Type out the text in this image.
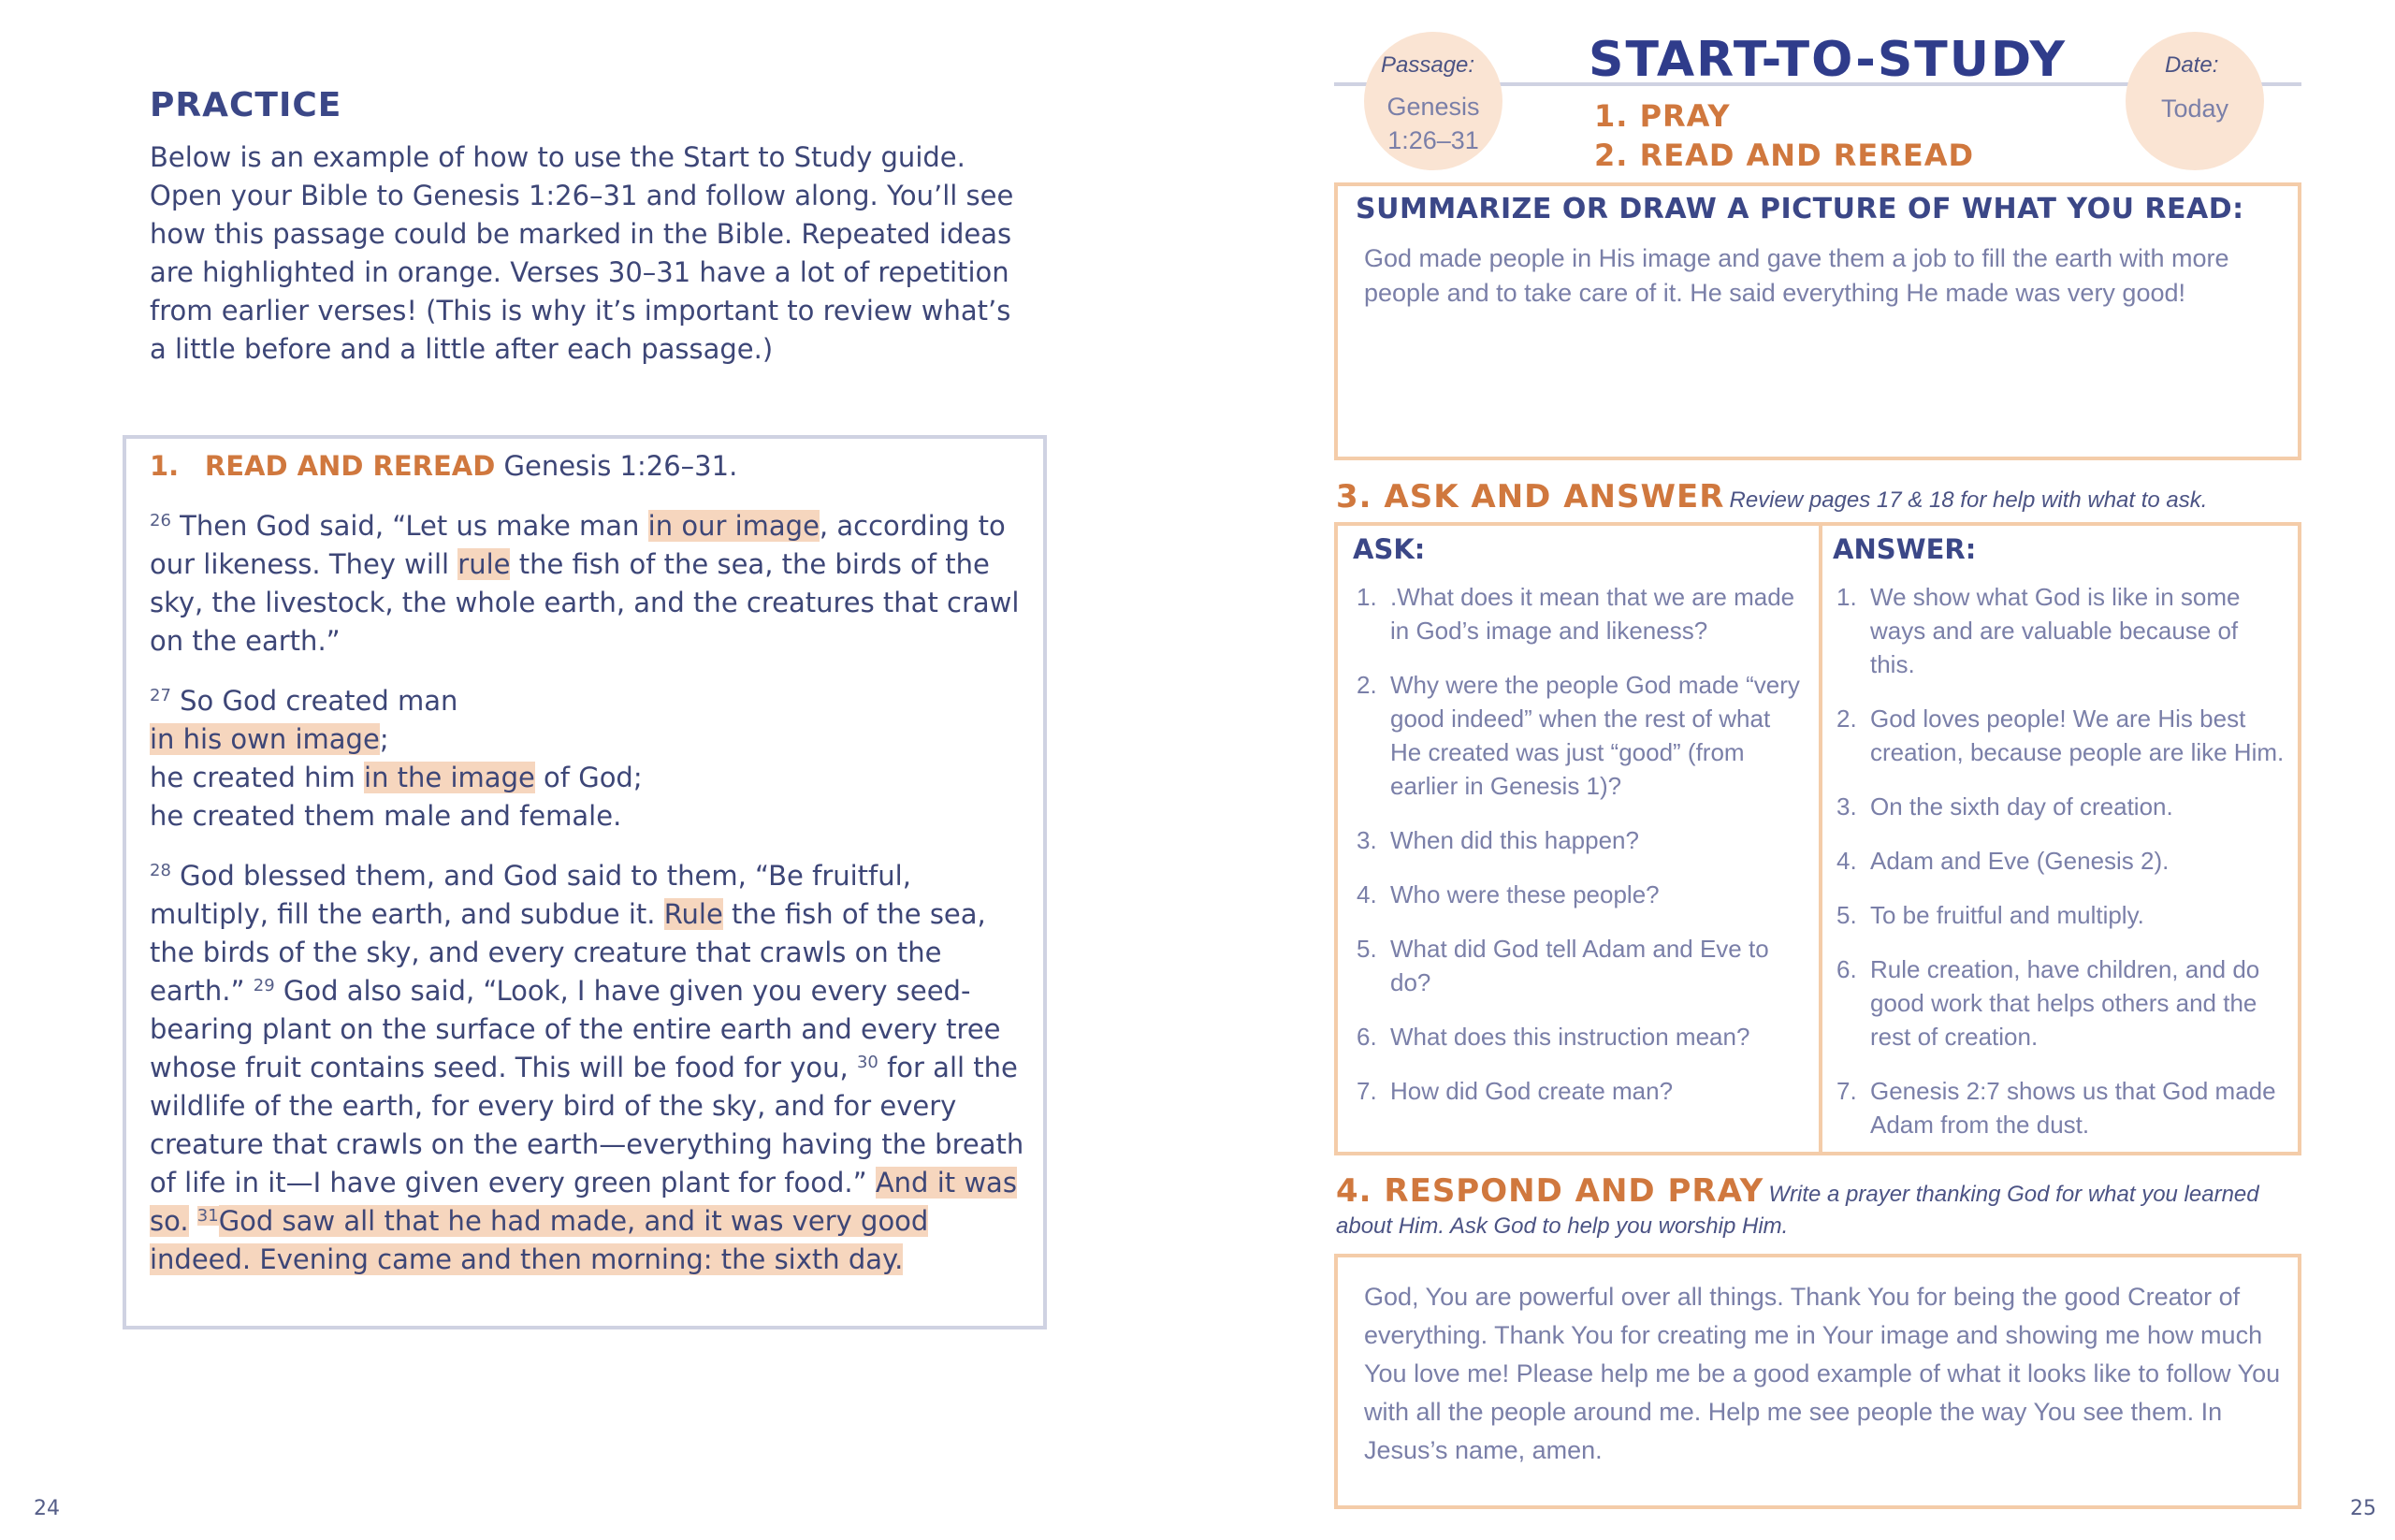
PRACTICE
Below is an example of how to use the Start to Study guide. Open your Bible to Genesis 1:26–31 and follow along. You’ll see how this passage could be marked in the Bible. Repeated ideas are highlighted in orange. Verses 30–31 have a lot of repetition from earlier verses! (This is why it’s important to review what’s a little before and a little after each passage.)

1. READ AND REREAD Genesis 1:26–31.

$^{26}$ Then God said, “Let us make man in our image, according to our likeness. They will rule the fish of the sea, the birds of the sky, the livestock, the whole earth, and the creatures that crawl on the earth.”

$^{27}$ So God created man
in his own image;
he created him in the image of God;
he created them male and female.

$^{28}$ God blessed them, and God said to them, “Be fruitful, multiply, fill the earth, and subdue it. Rule the fish of the sea, the birds of the sky, and every creature that crawls on the earth.” $^{29}$ God also said, “Look, I have given you every seed-bearing plant on the surface of the entire earth and every tree whose fruit contains seed. This will be food for you, $^{30}$ for all the wildlife of the earth, for every bird of the sky, and for every creature that crawls on the earth—everything having the breath of life in it—I have given every green plant for food.” And it was so. $^{31}$God saw all that he had made, and it was very good indeed. Evening came and then morning: the sixth day.

24
Passage:
Genesis
1:26–31
START-TO-STUDY
1. PRAY
2. READ AND REREAD
Date:
Today
SUMMARIZE OR DRAW A PICTURE OF WHAT YOU READ:
God made people in His image and gave them a job to fill the earth with more people and to take care of it. He said everything He made was very good!
3. ASK AND ANSWER Review pages 17 & 18 for help with what to ask.
ASK:	ANSWER:
1. .What does it mean that we are made in God’s image and likeness?
2. Why were the people God made “very good indeed” when the rest of what He created was just “good” (from earlier in Genesis 1)?
3. When did this happen?
4. Who were these people?
5. What did God tell Adam and Eve to do?
6. What does this instruction mean?
7. How did God create man?
1. We show what God is like in some ways and are valuable because of this.
2. God loves people! We are His best creation, because people are like Him.
3. On the sixth day of creation.
4. Adam and Eve (Genesis 2).
5. To be fruitful and multiply.
6. Rule creation, have children, and do good work that helps others and the rest of creation.
7. Genesis 2:7 shows us that God made Adam from the dust.
4. RESPOND AND PRAY Write a prayer thanking God for what you learned about Him. Ask God to help you worship Him.
God, You are powerful over all things. Thank You for being the good Creator of everything. Thank You for creating me in Your image and showing me how much You love me! Please help me be a good example of what it looks like to follow You with all the people around me. Help me see people the way You see them. In Jesus’s name, amen.
25
